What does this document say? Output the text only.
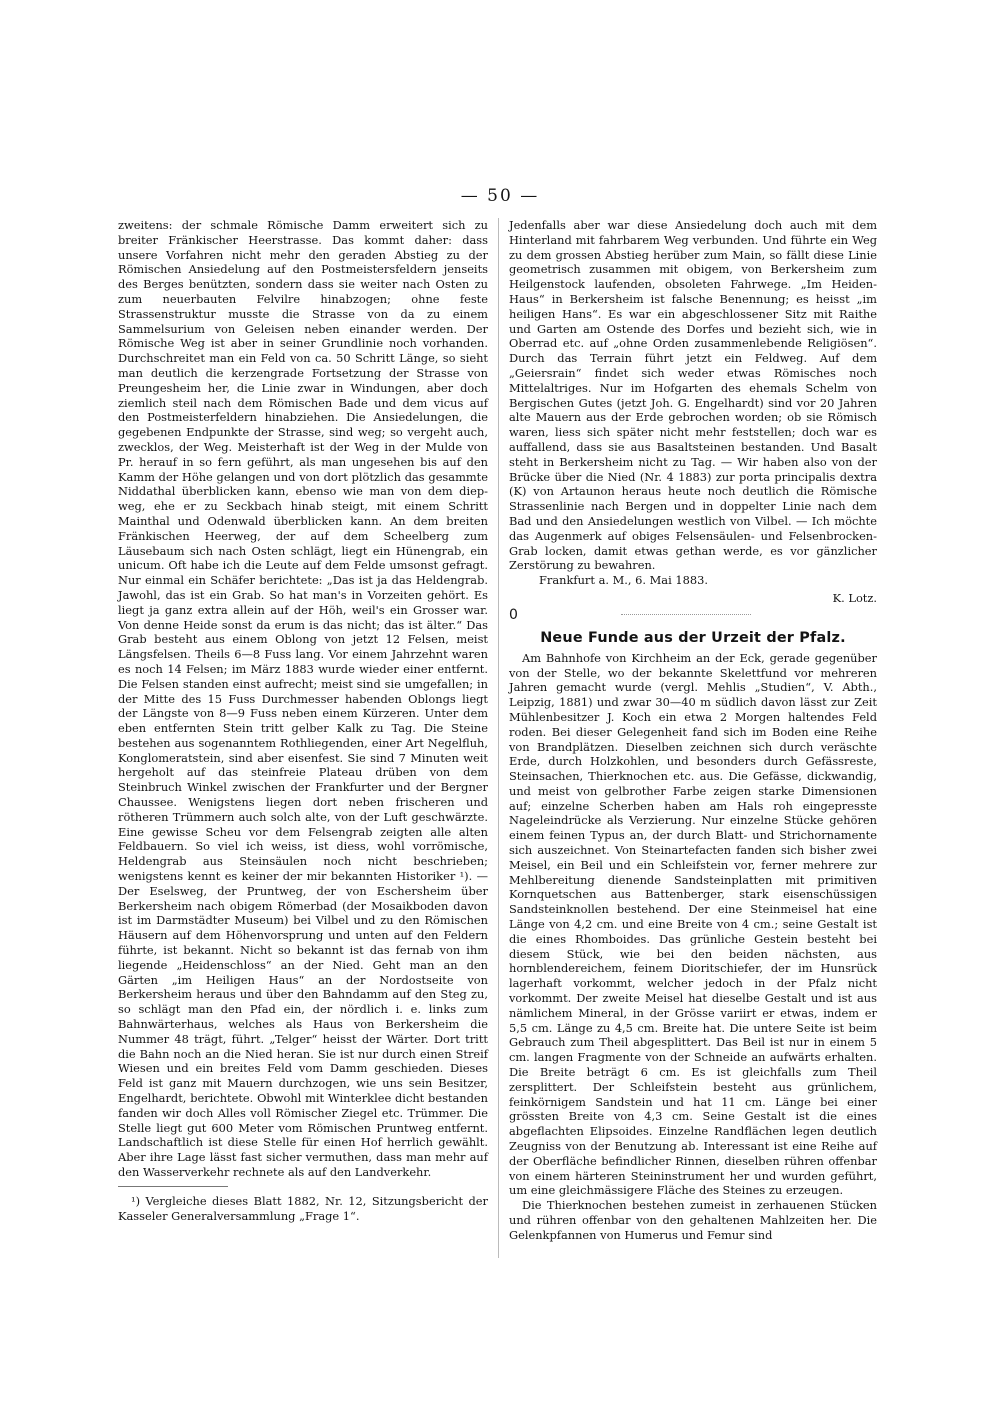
— 50 —

zweitens: der schmale Römische Damm erweitert sich zu breiter Fränkischer Heerstrasse. Das kommt daher: dass unsere Vorfahren nicht mehr den geraden Abstieg zu der Römischen Ansiedelung auf den Postmeistersfeldern jenseits des Berges benützten, sondern dass sie weiter nach Osten zu zum neuerbauten Felvilre hinabzogen; ohne feste Strassenstruktur musste die Strasse von da zu einem Sammelsurium von Geleisen neben einander werden. Der Römische Weg ist aber in seiner Grundlinie noch vorhanden. Durchschreitet man ein Feld von ca. 50 Schritt Länge, so sieht man deutlich die kerzengrade Fortsetzung der Strasse von Preungesheim her, die Linie zwar in Windungen, aber doch ziemlich steil nach dem Römischen Bade und dem vicus auf den Postmeisterfeldern hinabziehen. Die Ansiedelungen, die gegebenen Endpunkte der Strasse, sind weg; so vergeht auch, zwecklos, der Weg. Meisterhaft ist der Weg in der Mulde von Pr. herauf in so fern geführt, als man ungesehen bis auf den Kamm der Höhe gelangen und von dort plötzlich das gesammte Niddathal überblicken kann, ebenso wie man von dem diep-weg, ehe er zu Seckbach hinab steigt, mit einem Schritt Mainthal und Odenwald überblicken kann. An dem breiten Fränkischen Heerweg, der auf dem Scheelberg zum Läusebaum sich nach Osten schlägt, liegt ein Hünengrab, ein unicum. Oft habe ich die Leute auf dem Felde umsonst gefragt. Nur einmal ein Schäfer berichtete: „Das ist ja das Heldengrab. Jawohl, das ist ein Grab. So hat man's in Vorzeiten gehört. Es liegt ja ganz extra allein auf der Höh, weil's ein Grosser war. Von denne Heide sonst da erum is das nicht; das ist älter.“ Das Grab besteht aus einem Oblong von jetzt 12 Felsen, meist Längsfelsen. Theils 6—8 Fuss lang. Vor einem Jahrzehnt waren es noch 14 Felsen; im März 1883 wurde wieder einer entfernt. Die Felsen standen einst aufrecht; meist sind sie umgefallen; in der Mitte des 15 Fuss Durchmesser habenden Oblongs liegt der Längste von 8—9 Fuss neben einem Kürzeren. Unter dem eben entfernten Stein tritt gelber Kalk zu Tag. Die Steine bestehen aus sogenanntem Rothliegenden, einer Art Negelfluh, Konglomeratstein, sind aber eisenfest. Sie sind 7 Minuten weit hergeholt auf das steinfreie Plateau drüben von dem Steinbruch Winkel zwischen der Frankfurter und der Bergner Chaussee. Wenigstens liegen dort neben frischeren und rötheren Trümmern auch solch alte, von der Luft geschwärzte. Eine gewisse Scheu vor dem Felsengrab zeigten alle alten Feldbauern. So viel ich weiss, ist diess, wohl vorrömische, Heldengrab aus Steinsäulen noch nicht beschrieben; wenigstens kennt es keiner der mir bekannten Historiker ¹). — Der Eselsweg, der Pruntweg, der von Eschersheim über Berkersheim nach obigem Römerbad (der Mosaikboden davon ist im Darmstädter Museum) bei Vilbel und zu den Römischen Häusern auf dem Höhenvorsprung und unten auf den Feldern führte, ist bekannt. Nicht so bekannt ist das fernab von ihm liegende „Heidenschloss“ an der Nied. Geht man an den Gärten „im Heiligen Haus“ an der Nordostseite von Berkersheim heraus und über den Bahndamm auf den Steg zu, so schlägt man den Pfad ein, der nördlich i. e. links zum Bahnwärterhaus, welches als Haus von Berkersheim die Nummer 48 trägt, führt. „Telger“ heisst der Wärter. Dort tritt die Bahn noch an die Nied heran. Sie ist nur durch einen Streif Wiesen und ein breites Feld vom Damm geschieden. Dieses Feld ist ganz mit Mauern durchzogen, wie uns sein Besitzer, Engelhardt, berichtete. Obwohl mit Winterklee dicht bestanden fanden wir doch Alles voll Römischer Ziegel etc. Trümmer. Die Stelle liegt gut 600 Meter vom Römischen Pruntweg entfernt. Landschaftlich ist diese Stelle für einen Hof herrlich gewählt. Aber ihre Lage lässt fast sicher vermuthen, dass man mehr auf den Wasserverkehr rechnete als auf den Landverkehr.

¹) Vergleiche dieses Blatt 1882, Nr. 12, Sitzungsbericht der Kasseler Generalversammlung „Frage 1“.

Jedenfalls aber war diese Ansiedelung doch auch mit dem Hinterland mit fahrbarem Weg verbunden. Und führte ein Weg zu dem grossen Abstieg herüber zum Main, so fällt diese Linie geometrisch zusammen mit obigem, von Berkersheim zum Heilgenstock laufenden, obsoleten Fahrwege. „Im Heiden-Haus“ in Berkersheim ist falsche Benennung; es heisst „im heiligen Hans“. Es war ein abgeschlossener Sitz mit Raithe und Garten am Ostende des Dorfes und bezieht sich, wie in Oberrad etc. auf „ohne Orden zusammenlebende Religiösen“. Durch das Terrain führt jetzt ein Feldweg. Auf dem „Geiersrain“ findet sich weder etwas Römisches noch Mittelaltriges. Nur im Hofgarten des ehemals Schelm von Bergischen Gutes (jetzt Joh. G. Engelhardt) sind vor 20 Jahren alte Mauern aus der Erde gebrochen worden; ob sie Römisch waren, liess sich später nicht mehr feststellen; doch war es auffallend, dass sie aus Basaltsteinen bestanden. Und Basalt steht in Berkersheim nicht zu Tag. — Wir haben also von der Brücke über die Nied (Nr. 4 1883) zur porta principalis dextra (K) von Artaunon heraus heute noch deutlich die Römische Strassenlinie nach Bergen und in doppelter Linie nach dem Bad und den Ansiedelungen westlich von Vilbel. — Ich möchte das Augenmerk auf obiges Felsensäulen- und Felsenbrocken-Grab locken, damit etwas gethan werde, es vor gänzlicher Zerstörung zu bewahren.

Frankfurt a. M., 6. Mai 1883.

K. Lotz.

0
Neue Funde aus der Urzeit der Pfalz.

Am Bahnhofe von Kirchheim an der Eck, gerade gegenüber von der Stelle, wo der bekannte Skelettfund vor mehreren Jahren gemacht wurde (vergl. Mehlis „Studien“, V. Abth., Leipzig, 1881) und zwar 30—40 m südlich davon lässt zur Zeit Mühlenbesitzer J. Koch ein etwa 2 Morgen haltendes Feld roden. Bei dieser Gelegenheit fand sich im Boden eine Reihe von Brandplätzen. Dieselben zeichnen sich durch veräschte Erde, durch Holzkohlen, und besonders durch Gefässreste, Steinsachen, Thierknochen etc. aus. Die Gefässe, dickwandig, und meist von gelbrother Farbe zeigen starke Dimensionen auf; einzelne Scherben haben am Hals roh eingepresste Nageleindrücke als Verzierung. Nur einzelne Stücke gehören einem feinen Typus an, der durch Blatt- und Strichornamente sich auszeichnet. Von Steinartefacten fanden sich bisher zwei Meisel, ein Beil und ein Schleifstein vor, ferner mehrere zur Mehlbereitung dienende Sandsteinplatten mit primitiven Kornquetschen aus Battenberger, stark eisenschüssigen Sandsteinknollen bestehend. Der eine Steinmeisel hat eine Länge von 4,2 cm. und eine Breite von 4 cm.; seine Gestalt ist die eines Rhomboides. Das grünliche Gestein besteht bei diesem Stück, wie bei den beiden nächsten, aus hornblendereichem, feinem Dioritschiefer, der im Hunsrück lagerhaft vorkommt, welcher jedoch in der Pfalz nicht vorkommt. Der zweite Meisel hat dieselbe Gestalt und ist aus nämlichem Mineral, in der Grösse variirt er etwas, indem er 5,5 cm. Länge zu 4,5 cm. Breite hat. Die untere Seite ist beim Gebrauch zum Theil abgesplittert. Das Beil ist nur in einem 5 cm. langen Fragmente von der Schneide an aufwärts erhalten. Die Breite beträgt 6 cm. Es ist gleichfalls zum Theil zersplittert. Der Schleifstein besteht aus grünlichem, feinkörnigem Sandstein und hat 11 cm. Länge bei einer grössten Breite von 4,3 cm. Seine Gestalt ist die eines abgeflachten Elipsoides. Einzelne Randflächen legen deutlich Zeugniss von der Benutzung ab. Interessant ist eine Reihe auf der Oberfläche befindlicher Rinnen, dieselben rühren offenbar von einem härteren Steininstrument her und wurden geführt, um eine gleichmässigere Fläche des Steines zu erzeugen.

Die Thierknochen bestehen zumeist in zerhauenen Stücken und rühren offenbar von den gehaltenen Mahlzeiten her. Die Gelenkpfannen von Humerus und Femur sind
